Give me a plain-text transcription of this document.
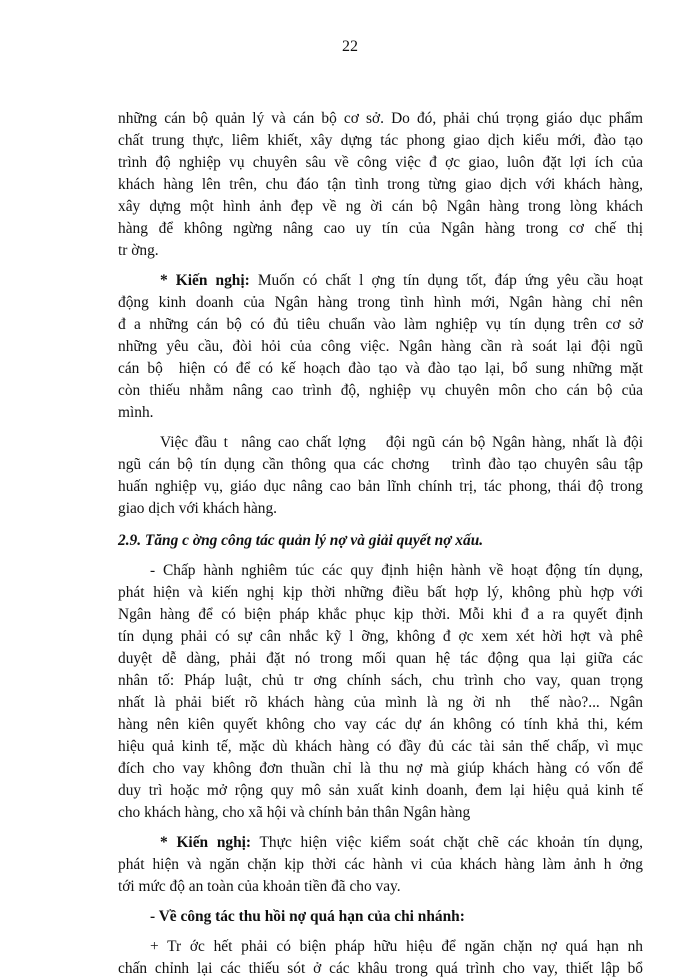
22
những cán bộ quản lý và cán bộ cơ sở. Do đó, phải chú trọng giáo dục phẩm
chất trung thực, liêm khiết, xây dựng tác phong giao dịch kiểu mới, đào tạo
trình độ nghiệp vụ chuyên sâu về công việc đ ợc giao, luôn đặt lợi ích của
khách hàng lên trên, chu đáo tận tình trong từng giao dịch với khách hàng,
xây dựng một hình ảnh đẹp về ng ời cán bộ Ngân hàng trong lòng khách
hàng để không ngừng nâng cao uy tín của Ngân hàng trong cơ chế thị
tr ờng.
* Kiến nghị: Muốn có chất l ợng tín dụng tốt, đáp ứng yêu cầu hoạt
động kinh doanh của Ngân hàng trong tình hình mới, Ngân hàng chỉ nên
đ a những cán bộ có đủ tiêu chuẩn vào làm nghiệp vụ tín dụng trên cơ sở
những yêu cầu, đòi hỏi của công việc. Ngân hàng cần rà soát lại đội ngũ
cán bộ  hiện có để có kế hoạch đào tạo và đào tạo lại, bổ sung những mặt
còn thiếu nhằm nâng cao trình độ, nghiệp vụ chuyên môn cho cán bộ của
mình.
Việc đầu t  nâng cao chất lợng   đội ngũ cán bộ Ngân hàng, nhất là đội
ngũ cán bộ tín dụng cần thông qua các chơng   trình đào tạo chuyên sâu tập
huấn nghiệp vụ, giáo dục nâng cao bản lĩnh chính trị, tác phong, thái độ trong
giao dịch với khách hàng.
2.9. Tăng c ờng công tác quản lý nợ và giải quyết nợ xấu.
- Chấp hành nghiêm túc các quy định hiện hành về hoạt động tín dụng,
phát hiện và kiến nghị kịp thời những điều bất hợp lý, không phù hợp với
Ngân hàng để có biện pháp khắc phục kịp thời. Mỗi khi đ a ra quyết định
tín dụng phải có sự cân nhắc kỹ l ỡng, không đ ợc xem xét hời hợt và phê
duyệt dễ dàng, phải đặt nó trong mối quan hệ tác động qua lại giữa các
nhân tố: Pháp luật, chủ tr ơng chính sách, chu trình cho vay, quan trọng
nhất là phải biết rõ khách hàng của mình là ng ời nh  thế nào?... Ngân
hàng nên kiên quyết không cho vay các dự án không có tính khả thi, kém
hiệu quả kinh tế, mặc dù khách hàng có đầy đủ các tài sản thế chấp, vì mục
đích cho vay không đơn thuần chỉ là thu nợ mà giúp khách hàng có vốn để
duy trì hoặc mở rộng quy mô sản xuất kinh doanh, đem lại hiệu quả kinh tế
cho khách hàng, cho xã hội và chính bản thân Ngân hàng
* Kiến nghị: Thực hiện việc kiểm soát chặt chẽ các khoản tín dụng,
phát hiện và ngăn chặn kịp thời các hành vi của khách hàng làm ảnh h ởng
tới mức độ an toàn của khoản tiền đã cho vay.
- Về công tác thu hồi nợ quá hạn của chi nhánh:
+ Tr ớc hết phải có biện pháp hữu hiệu để ngăn chặn nợ quá hạn nh
chấn chỉnh lại các thiếu sót ở các khâu trong quá trình cho vay, thiết lập bổ
